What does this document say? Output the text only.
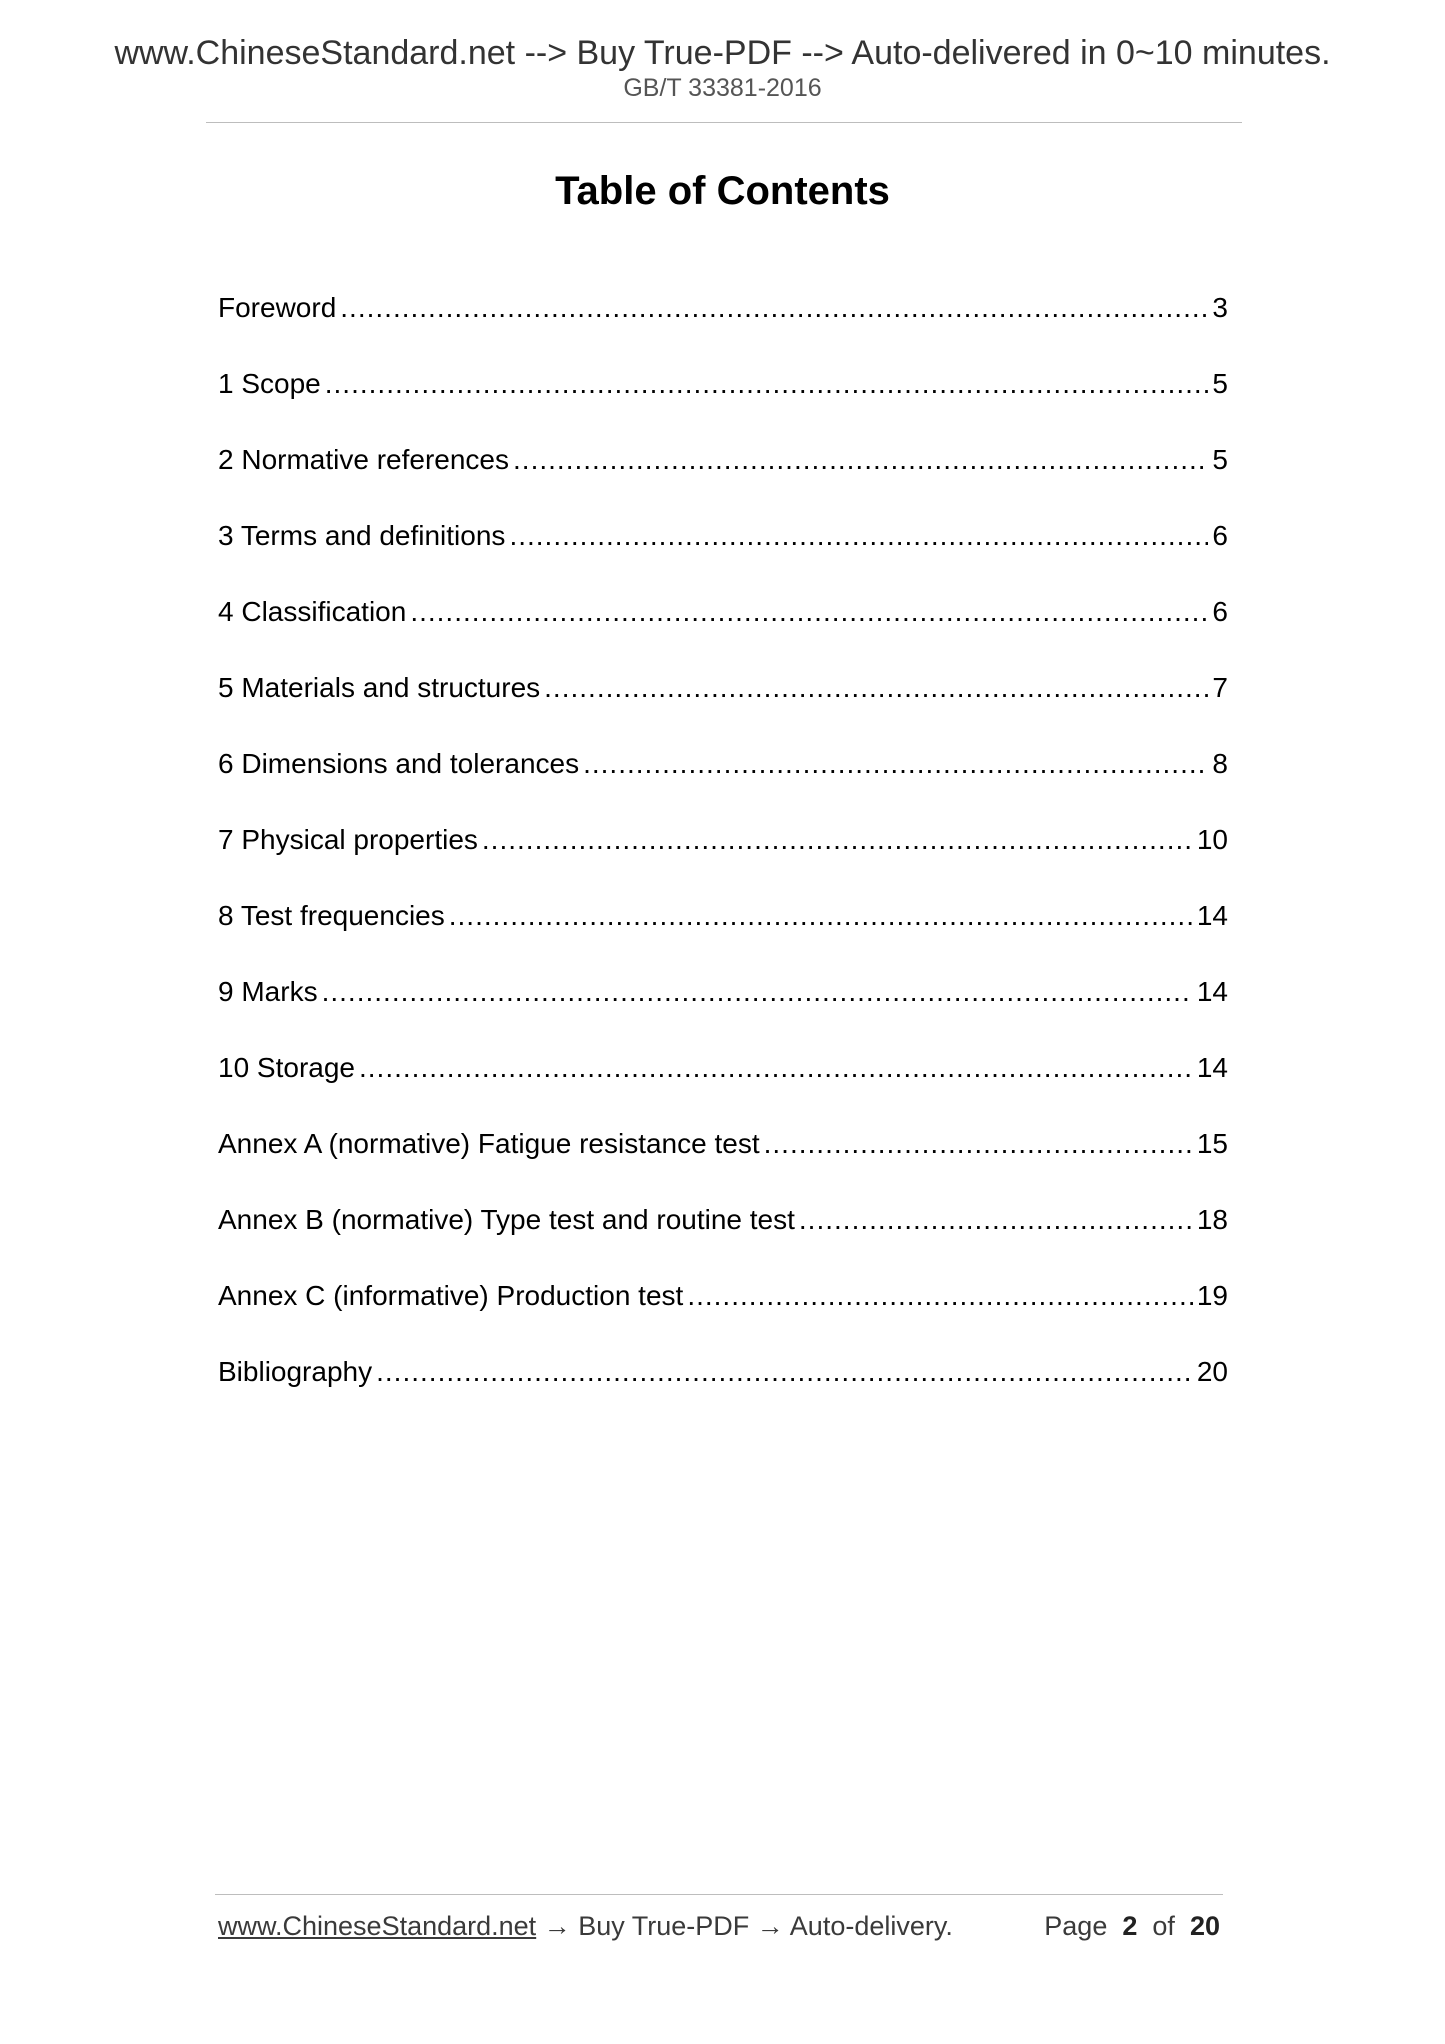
www.ChineseStandard.net --> Buy True-PDF --> Auto-delivered in 0~10 minutes.
GB/T 33381-2016
Table of Contents
Foreword .....	3
1 Scope .....	5
2 Normative references .....	5
3 Terms and definitions .....	6
4 Classification .....	6
5 Materials and structures .....	7
6 Dimensions and tolerances .....	8
7 Physical properties .....	10
8 Test frequencies .....	14
9 Marks .....	14
10 Storage .....	14
Annex A (normative) Fatigue resistance test .....	15
Annex B (normative) Type test and routine test .....	18
Annex C (informative) Production test .....	19
Bibliography .....	20
www.ChineseStandard.net → Buy True-PDF → Auto-delivery.	Page 2 of 20
